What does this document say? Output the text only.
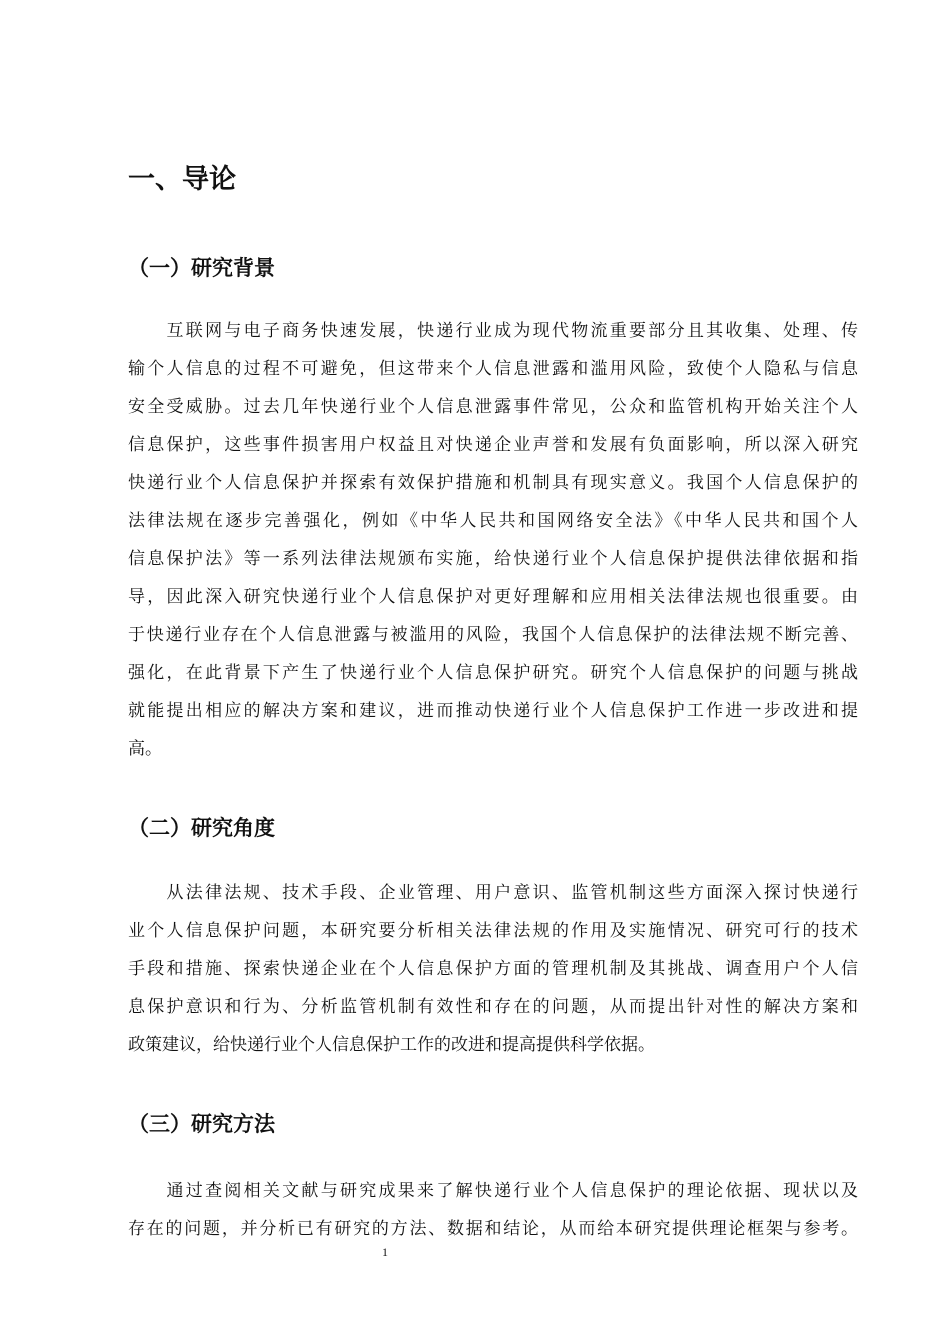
一、导论
（一）研究背景
　　互联网与电子商务快速发展，快递行业成为现代物流重要部分且其收集、处理、传
输个人信息的过程不可避免，但这带来个人信息泄露和滥用风险，致使个人隐私与信息
安全受威胁。过去几年快递行业个人信息泄露事件常见，公众和监管机构开始关注个人
信息保护，这些事件损害用户权益且对快递企业声誉和发展有负面影响，所以深入研究
快递行业个人信息保护并探索有效保护措施和机制具有现实意义。我国个人信息保护的
法律法规在逐步完善强化，例如《中华人民共和国网络安全法》《中华人民共和国个人
信息保护法》等一系列法律法规颁布实施，给快递行业个人信息保护提供法律依据和指
导，因此深入研究快递行业个人信息保护对更好理解和应用相关法律法规也很重要。由
于快递行业存在个人信息泄露与被滥用的风险，我国个人信息保护的法律法规不断完善、
强化，在此背景下产生了快递行业个人信息保护研究。研究个人信息保护的问题与挑战
就能提出相应的解决方案和建议，进而推动快递行业个人信息保护工作进一步改进和提
高。
（二）研究角度
　　从法律法规、技术手段、企业管理、用户意识、监管机制这些方面深入探讨快递行
业个人信息保护问题，本研究要分析相关法律法规的作用及实施情况、研究可行的技术
手段和措施、探索快递企业在个人信息保护方面的管理机制及其挑战、调查用户个人信
息保护意识和行为、分析监管机制有效性和存在的问题，从而提出针对性的解决方案和
政策建议，给快递行业个人信息保护工作的改进和提高提供科学依据。
（三）研究方法
　　通过查阅相关文献与研究成果来了解快递行业个人信息保护的理论依据、现状以及
存在的问题，并分析已有研究的方法、数据和结论，从而给本研究提供理论框架与参考。
1
